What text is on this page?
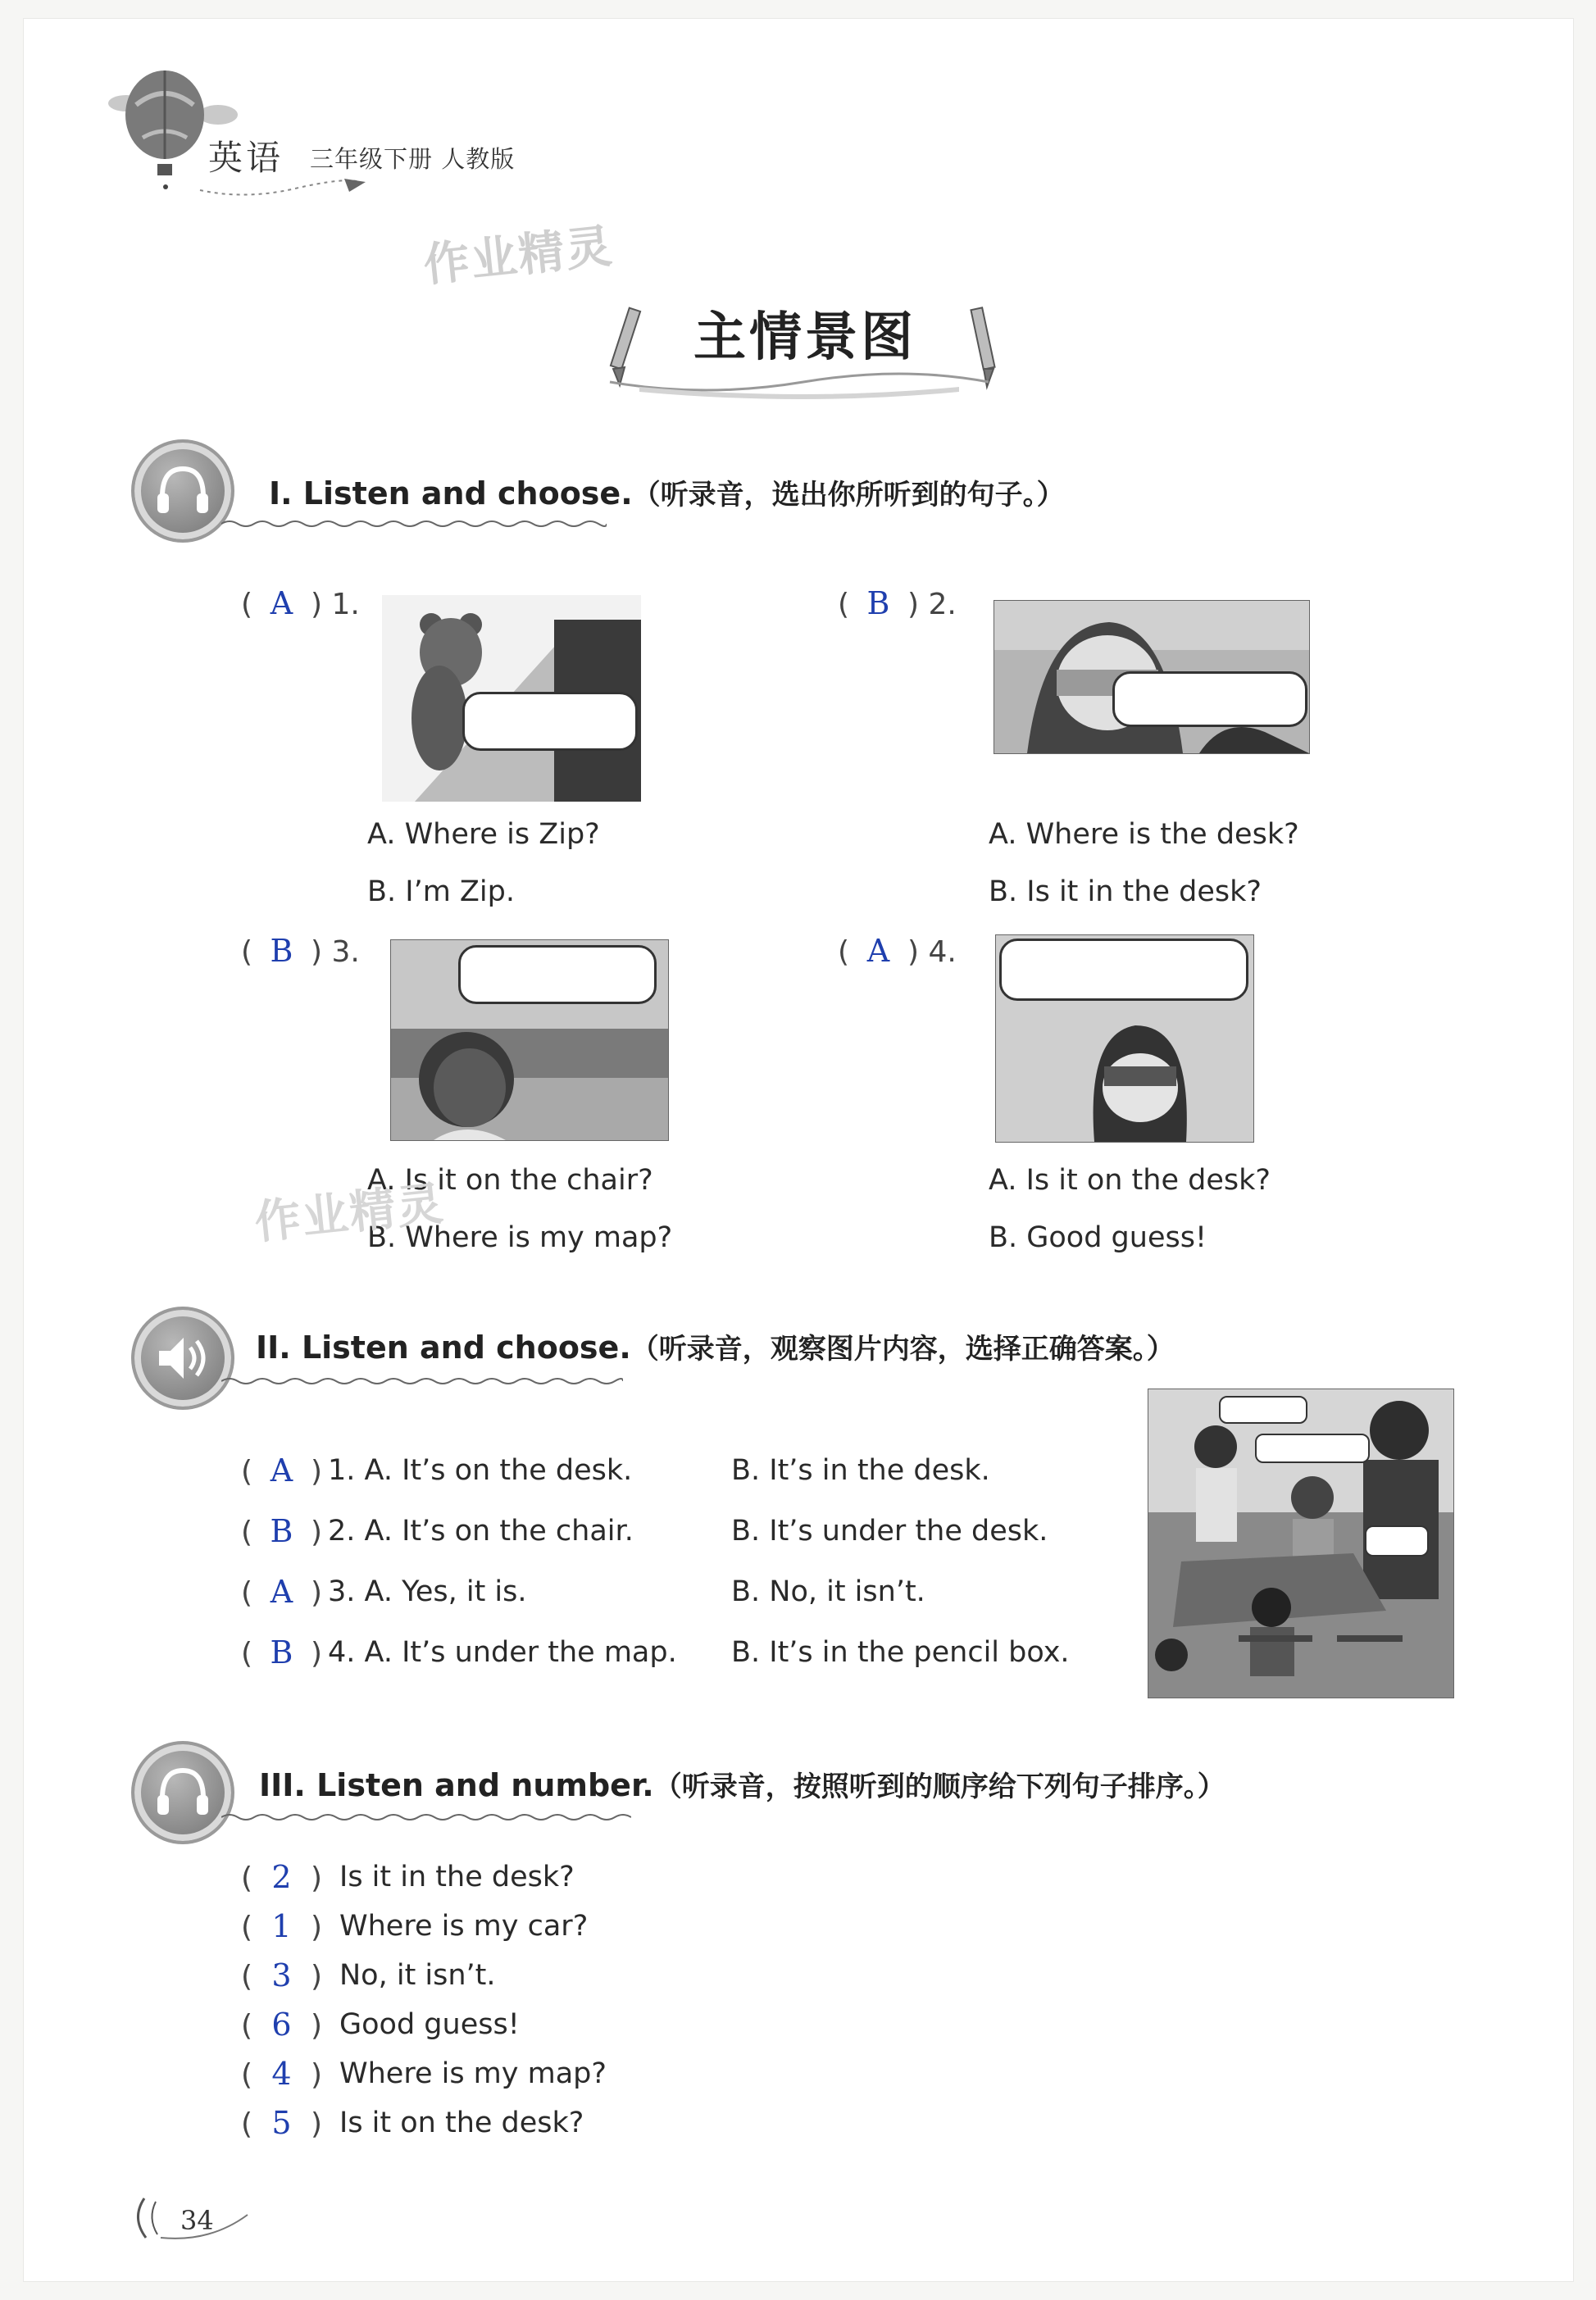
英语 三年级下册 人教版
作业精灵
主情景图
I. Listen and choose.（听录音，选出你所听到的句子。）
( A ) 1.
A. Where is Zip?
B. I’m Zip.
( B ) 2.
A. Where is the desk?
B. Is it in the desk?
( B ) 3.
A. Is it on the chair?
B. Where is my map?
作业精灵
( A ) 4.
A. Is it on the desk?
B. Good guess!
II. Listen and choose.（听录音，观察图片内容，选择正确答案。）
( A ) 1. A. It’s on the desk.	B. It’s in the desk.
( B ) 2. A. It’s on the chair.	B. It’s under the desk.
( A ) 3. A. Yes, it is.	B. No, it isn’t.
( B ) 4. A. It’s under the map. B. It’s in the pencil box.
III. Listen and number.（听录音，按照听到的顺序给下列句子排序。）
( 2 ) Is it in the desk?
( 1 ) Where is my car?
( 3 ) No, it isn’t.
( 6 ) Good guess!
( 4 ) Where is my map?
( 5 ) Is it on the desk?
34
